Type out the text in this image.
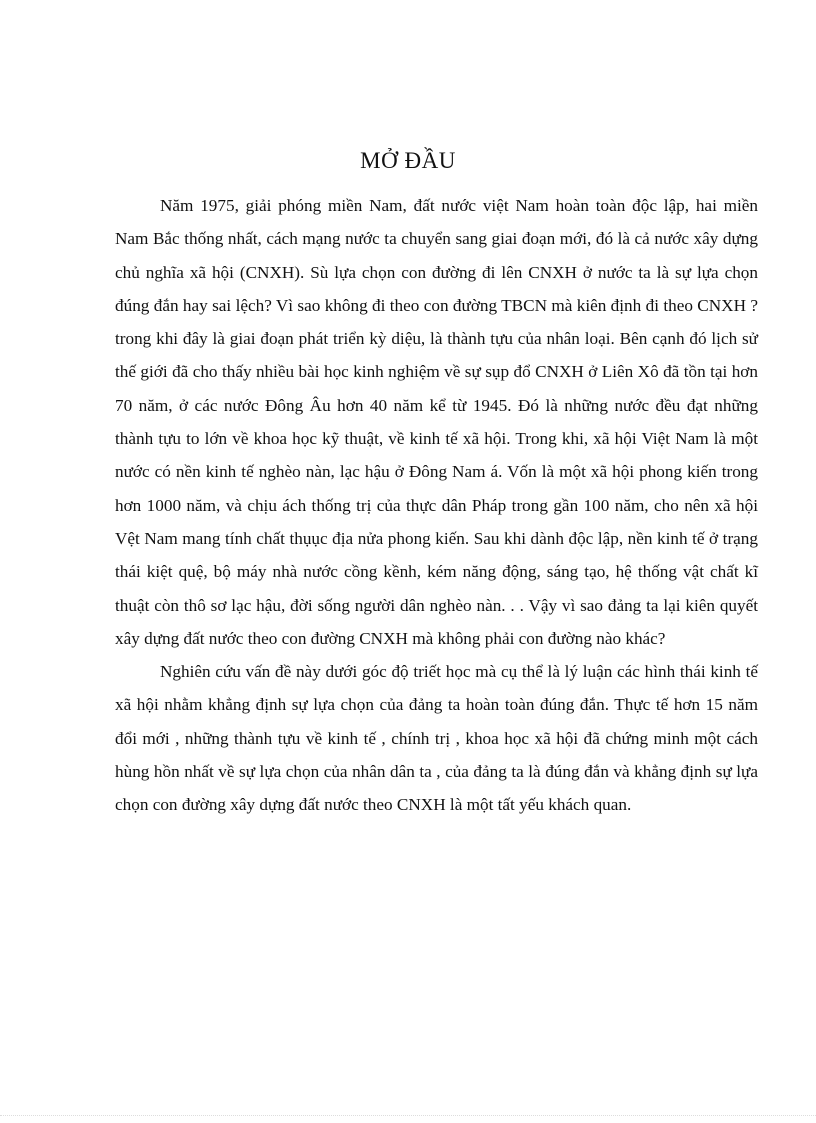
MỞ ĐẦU

Năm 1975, giải phóng miền Nam, đất nước việt Nam hoàn toàn độc lập, hai miền Nam Bắc thống nhất, cách mạng nước ta chuyển sang giai đoạn mới, đó là cả nước xây dựng chủ nghĩa xã hội (CNXH). Sù lựa chọn con đường đi lên CNXH ở nước ta là sự lựa chọn đúng đắn hay sai lệch? Vì sao không đi theo con đường TBCN mà kiên định đi theo CNXH ? trong khi đây là giai đoạn phát triển kỳ diệu, là thành tựu của nhân loại. Bên cạnh đó lịch sử thế giới đã cho thấy nhiều bài học kinh nghiệm về sự sụp đổ CNXH ở Liên Xô đã tồn tại hơn 70 năm, ở các nước Đông Âu hơn 40 năm kể từ 1945. Đó là những nước đều đạt những thành tựu to lớn về khoa học kỹ thuật, về kinh tế xã hội. Trong khi, xã hội Việt Nam là một nước có nền kinh tế nghèo nàn, lạc hậu ở Đông Nam á. Vốn là một xã hội phong kiến trong hơn 1000 năm, và chịu ách thống trị của thực dân Pháp trong gần 100 năm, cho nên xã hội Vệt Nam mang tính chất thụục địa nửa phong kiến. Sau khi dành độc lập, nền kinh tế ở trạng thái kiệt quệ, bộ máy nhà nước cồng kềnh, kém năng động, sáng tạo, hệ thống vật chất kĩ thuật còn thô sơ lạc hậu, đời sống người dân nghèo nàn. . . Vậy vì sao đảng ta lại kiên quyết xây dựng đất nước theo con đường CNXH mà không phải con đường nào khác?

Nghiên cứu vấn đề này dưới góc độ triết học mà cụ thể là lý luận các hình thái kinh tế xã hội nhằm khẳng định sự lựa chọn của đảng ta hoàn toàn đúng đắn. Thực tế hơn 15 năm đổi mới , những thành tựu về kinh tế , chính trị , khoa học xã hội đã chứng minh một cách hùng hồn nhất về sự lựa chọn của nhân dân ta , của đảng ta là đúng đắn và khẳng định sự lựa chọn con đường xây dựng đất nước theo CNXH là một tất yếu khách quan.
